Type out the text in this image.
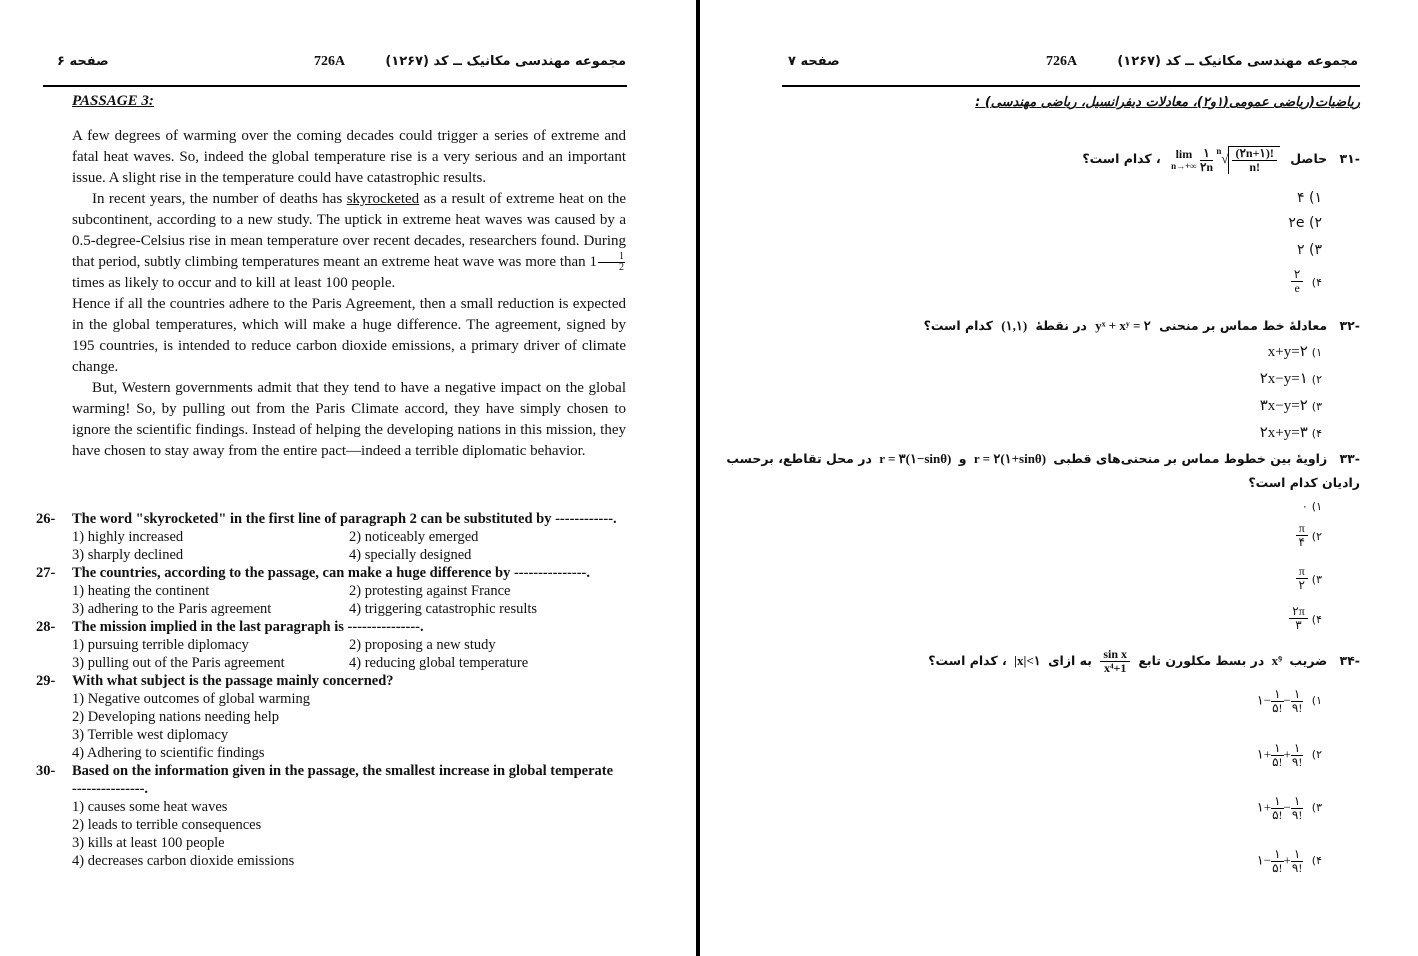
صفحه ۶	726A	مجموعه مهندسی مکانیک ــ کد (۱۲۶۷)
PASSAGE 3:

A few degrees of warming over the coming decades could trigger a series of extreme and fatal heat waves. So, indeed the global temperature rise is a very serious and an important issue. A slight rise in the temperature could have catastrophic results.

In recent years, the number of deaths has skyrocketed as a result of extreme heat on the subcontinent, according to a new study. The uptick in extreme heat waves was caused by a 0.5-degree-Celsius rise in mean temperature over recent decades, researchers found. During that period, subtly climbing temperatures meant an extreme heat wave was more than $1 \frac{1}{2}$
times as likely to occur and to kill at least 100 people.

Hence if all the countries adhere to the Paris Agreement, then a small reduction is expected in the global temperatures, which will make a huge difference. The agreement, signed by 195 countries, is intended to reduce carbon dioxide emissions, a primary driver of climate change.

But, Western governments admit that they tend to have a negative impact on the global warming! So, by pulling out from the Paris Climate accord, they have simply chosen to ignore the scientific findings. Instead of helping the developing nations in this mission, they have chosen to stay away from the entire pact—indeed a terrible diplomatic behavior.

26- The word "skyrocketed" in the first line of paragraph 2 can be substituted by ------------.
1) highly increased	2) noticeably emerged
3) sharply declined	4) specially designed
27- The countries, according to the passage, can make a huge difference by ---------------.
1) heating the continent	2) protesting against France
3) adhering to the Paris agreement	4) triggering catastrophic results
28- The mission implied in the last paragraph is ---------------.
1) pursuing terrible diplomacy	2) proposing a new study
3) pulling out of the Paris agreement	4) reducing global temperature
29- With what subject is the passage mainly concerned?
1) Negative outcomes of global warming
2) Developing nations needing help
3) Terrible west diplomacy
4) Adhering to scientific findings
30- Based on the information given in the passage, the smallest increase in global temperate
---------------.
1) causes some heat waves
2) leads to terrible consequences
3) kills at least 100 people
4) decreases carbon dioxide emissions
صفحه ۷	726A	مجموعه مهندسی مکانیک ــ کد (۱۲۶۷)
ریاضیات(ریاضی عمومی(۱و۲)، معادلات دیفرانسیل، ریاضی مهندسی) :
-۳۱ حاصل
lim
n→+∞

۱
۲n
$^n√ \frac{(۲n+۱)!}{n!}$
، کدام است؟
۱) ۴
۲) ۲e
۳) ۲
۴)
۲
e
-۳۲ معادلهٔ خط مماس بر منحنی yˣ + xʸ = ۲ در نقطهٔ (۱,۱) کدام است؟
۱)x+y=۲
۲)۲x−y=۱
۳)۳x−y=۲
۴)۲x+y=۳
-۳۳ زاویهٔ بین خطوط مماس بر منحنی‌های قطبی r = ۲(۱+sinθ) و r = ۳(۱−sinθ) در محل تقاطع، برحسب
رادیان کدام است؟
۱)۰
۲)
π
۴
۳)
π
۲
۴)
۲π
۳
-۳۴ ضریب x⁹ در بسط مکلورن تابع
$\frac{\text{sin x}}{\text{1+x⁴}}$
به ازای |x|<۱ ، کدام است؟
۱) ۱− ۱
۵!
− ۱
۹!
۲) ۱+ ۱
۵!
+ ۱
۹!
۳) ۱+ ۱
۵!
− ۱
۹!
۴) ۱− ۱
۵!
+ ۱
۹!
